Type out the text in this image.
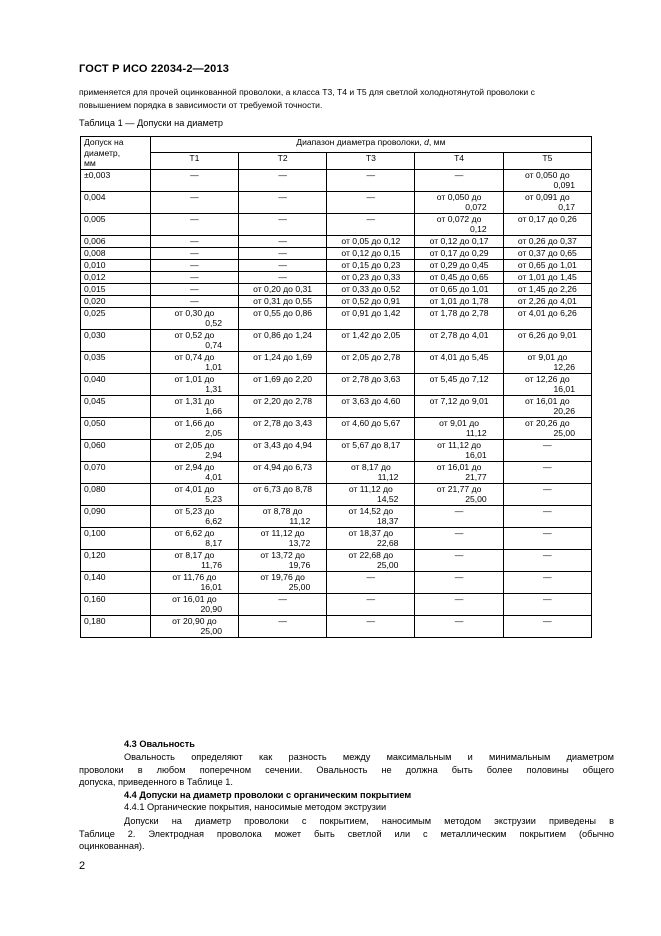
ГОСТ Р ИСО 22034-2—2013
применяется для прочей оцинкованной проволоки, а класса Т3, Т4 и Т5 для светлой холоднотянутой проволоки с
повышением порядка в зависимости от требуемой точности.
Таблица 1 — Допуски на диаметр
Допуск на
диаметр,
мм	Диапазон диаметра проволоки, d, мм				
	Т1	Т2	Т3	Т4	Т5
±0,003	—	—	—	—	от 0,050 до
0,091

0,004	—	—	—	от 0,050 до
0,072	от 0,091 до
0,17

0,005	—	—	—	от 0,072 до
0,12	от 0,17 до 0,26

0,006	—	—	от 0,05 до 0,12	от 0,12 до 0,17	от 0,26 до 0,37

0,008	—	—	от 0,12 до 0,15	от 0,17 до 0,29	от 0,37 до 0,65

0,010	—	—	от 0,15 до 0,23	от 0,29 до 0,45	от 0,65 до 1,01

0,012	—	—	от 0,23 до 0,33	от 0,45 до 0,65	от 1,01 до 1,45

0,015	—	от 0,20 до 0,31	от 0,33 до 0,52	от 0,65 до 1,01	от 1,45 до 2,26

0,020	—	от 0,31 до 0,55	от 0,52 до 0,91	от 1,01 до 1,78	от 2,26 до 4,01

0,025	от 0,30 до
0,52	от 0,55 до 0,86	от 0,91 до 1,42	от 1,78 до 2,78	от 4,01 до 6,26

0,030	от 0,52 до
0,74	от 0,86 до 1,24	от 1,42 до 2,05	от 2,78 до 4,01	от 6,26 до 9,01

0,035	от 0,74 до
1,01	от 1,24 до 1,69	от 2,05 до 2,78	от 4,01 до 5,45	от 9,01 до
12,26

0,040	от 1,01 до
1,31	от 1,69 до 2,20	от 2,78 до 3,63	от 5,45 до 7,12	от 12,26 до
16,01

0,045	от 1,31 до
1,66	от 2,20 до 2,78	от 3,63 до 4,60	от 7,12 до 9,01	от 16,01 до
20,26

0,050	от 1,66 до
2,05	от 2,78 до 3,43	от 4,60 до 5,67	от 9,01 до
11,12	от 20,26 до
25,00

0,060	от 2,05 до
2,94	от 3,43 до 4,94	от 5,67 до 8,17	от 11,12 до
16,01	—

0,070	от 2,94 до
4,01	от 4,94 до 6,73	от 8,17 до
11,12	от 16,01 до
21,77	—

0,080	от 4,01 до
5,23	от 6,73 до 8,78	от 11,12 до
14,52	от 21,77 до
25,00	—

0,090	от 5,23 до
6,62	от 8,78 до
11,12	от 14,52 до
18,37	—	—

0,100	от 6,62 до
8,17	от 11,12 до
13,72	от 18,37 до
22,68	—	—

0,120	от 8,17 до
11,76	от 13,72 до
19,76	от 22,68 до
25,00	—	—

0,140	от 11,76 до
16,01	от 19,76 до
25,00	—	—	—

0,160	от 16,01 до
20,90	—	—	—	—

0,180	от 20,90 до
25,00	—	—	—	—
4.3 Овальность
Овальность определяют как разность между максимальным и минимальным диаметром
проволоки в любом поперечном сечении. Овальность не должна быть более половины общего
допуска, приведенного в Таблице 1.
4.4 Допуски на диаметр проволоки с органическим покрытием
4.4.1 Органические покрытия, наносимые методом экструзии
Допуски на диаметр проволоки с покрытием, наносимым методом экструзии приведены в
Таблице 2. Электродная проволока может быть светлой или с металлическим покрытием (обычно
оцинкованная).
2
